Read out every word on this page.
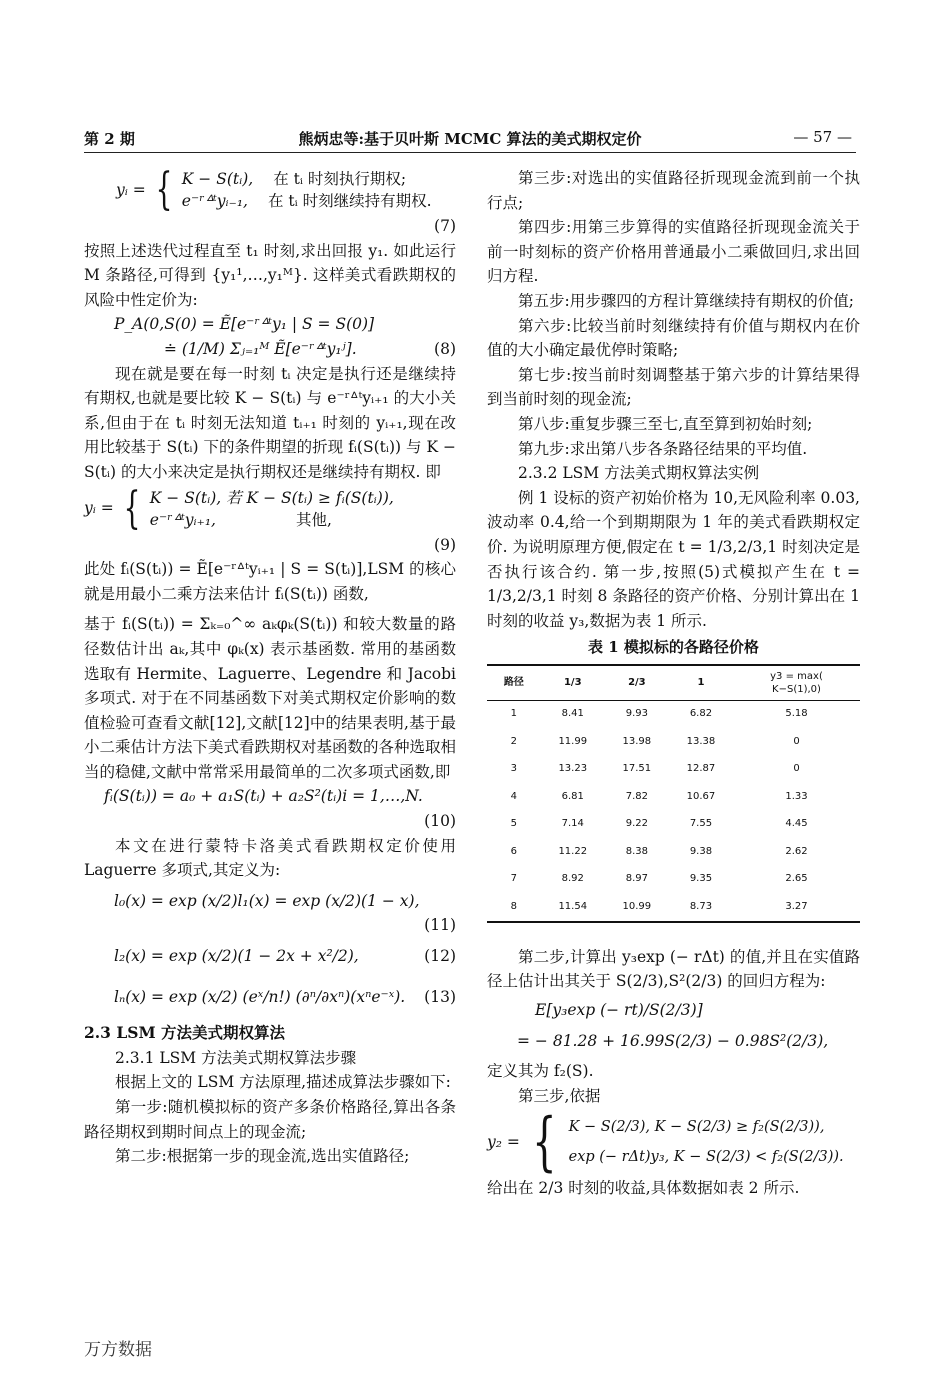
第 2 期	熊炳忠等:基于贝叶斯 MCMC 算法的美式期权定价	— 57 —
yᵢ = { K − S(tᵢ), 在 tᵢ 时刻执行期权;
e⁻ʳᐞᵗyᵢ₋₁, 在 tᵢ 时刻继续持有期权.
(7)

按照上述迭代过程直至 t₁ 时刻,求出回报 y₁. 如此运行 M 条路径,可得到 {y₁¹,…,y₁ᴹ}. 这样美式看跌期权的风险中性定价为:

P_A(0,S(0) = Ẽ[e⁻ʳᐞᵗy₁ | S = S(0)]
≐ (1/M) Σⱼ₌₁ᴹ Ẽ[e⁻ʳᐞᵗy₁ʲ].	(8)

现在就是要在每一时刻 tᵢ 决定是执行还是继续持有期权,也就是要比较 K − S(tᵢ) 与 e⁻ʳᐞᵗyᵢ₊₁ 的大小关系,但由于在 tᵢ 时刻无法知道 tᵢ₊₁ 时刻的 yᵢ₊₁,现在改用比较基于 S(tᵢ) 下的条件期望的折现 fᵢ(S(tᵢ)) 与 K − S(tᵢ) 的大小来决定是执行期权还是继续持有期权. 即

yᵢ = { K − S(tᵢ), 若 K − S(tᵢ) ≥ fᵢ(S(tᵢ)),
e⁻ʳᐞᵗyᵢ₊₁,	其他,
(9)

此处 fᵢ(S(tᵢ)) = Ẽ[e⁻ʳᐞᵗyᵢ₊₁ | S = S(tᵢ)],LSM 的核心就是用最小二乘方法来估计 fᵢ(S(tᵢ)) 函数,

基于 fᵢ(S(tᵢ)) = Σₖ₌₀^∞ aₖφₖ(S(tᵢ)) 和较大数量的路径数估计出 aₖ,其中 φₖ(x) 表示基函数. 常用的基函数选取有 Hermite、Laguerre、Legendre 和 Jacobi 多项式. 对于在不同基函数下对美式期权定价影响的数值检验可查看文献[12],文献[12]中的结果表明,基于最小二乘估计方法下美式看跌期权对基函数的各种选取相当的稳健,文献中常常采用最简单的二次多项式函数,即

fᵢ(S(tᵢ)) = a₀ + a₁S(tᵢ) + a₂S²(tᵢ)i = 1,…,N.
(10)

本文在进行蒙特卡洛美式看跌期权定价使用 Laguerre 多项式,其定义为:

l₀(x) = exp (x/2)l₁(x) = exp (x/2)(1 − x),
(11)
l₂(x) = exp (x/2)(1 − 2x + x²/2),	(12)
lₙ(x) = exp (x/2) (eˣ/n!) (∂ⁿ/∂xⁿ)(xⁿe⁻ˣ). (13)

2.3 LSM 方法美式期权算法

2.3.1 LSM 方法美式期权算法步骤

根据上文的 LSM 方法原理,描述成算法步骤如下:

第一步:随机模拟标的资产多条价格路径,算出各条路径期权到期时间点上的现金流;

第二步:根据第一步的现金流,选出实值路径;

第三步:对选出的实值路径折现现金流到前一个执行点;

第四步:用第三步算得的实值路径折现现金流关于前一时刻标的资产价格用普通最小二乘做回归,求出回归方程.

第五步:用步骤四的方程计算继续持有期权的价值;

第六步:比较当前时刻继续持有价值与期权内在价值的大小确定最优停时策略;

第七步:按当前时刻调整基于第六步的计算结果得到当前时刻的现金流;

第八步:重复步骤三至七,直至算到初始时刻;

第九步:求出第八步各条路径结果的平均值.

2.3.2 LSM 方法美式期权算法实例

例 1 设标的资产初始价格为 10,无风险利率 0.03,波动率 0.4,给一个到期期限为 1 年的美式看跌期权定价. 为说明原理方便,假定在 t = 1/3,2/3,1 时刻决定是否执行该合约. 第一步,按照(5)式模拟产生在 t = 1/3,2/3,1 时刻 8 条路径的资产价格、分别计算出在 1 时刻的收益 y₃,数据为表 1 所示.

表 1 模拟标的各路径价格
路径	1/3	2/3	1	y3 = max(
K−S(1),0)
1	8.41	9.93	6.82	5.18
2	11.99	13.98	13.38	0
3	13.23	17.51	12.87	0
4	6.81	7.82	10.67	1.33
5	7.14	9.22	7.55	4.45
6	11.22	8.38	9.38	2.62
7	8.92	8.97	9.35	2.65
8	11.54	10.99	8.73	3.27

第二步,计算出 y₃exp (− rΔt) 的值,并且在实值路径上估计出其关于 S(2/3),S²(2/3) 的回归方程为:

E[y₃exp (− rt)/S(2/3)]
= − 81.28 + 16.99S(2/3) − 0.98S²(2/3),

定义其为 f₂(S).

第三步,依据

y₂ = { K − S(2/3), K − S(2/3) ≥ f₂(S(2/3)),
exp (− rΔt)y₃, K − S(2/3) < f₂(S(2/3)).

给出在 2/3 时刻的收益,具体数据如表 2 所示.

万方数据
